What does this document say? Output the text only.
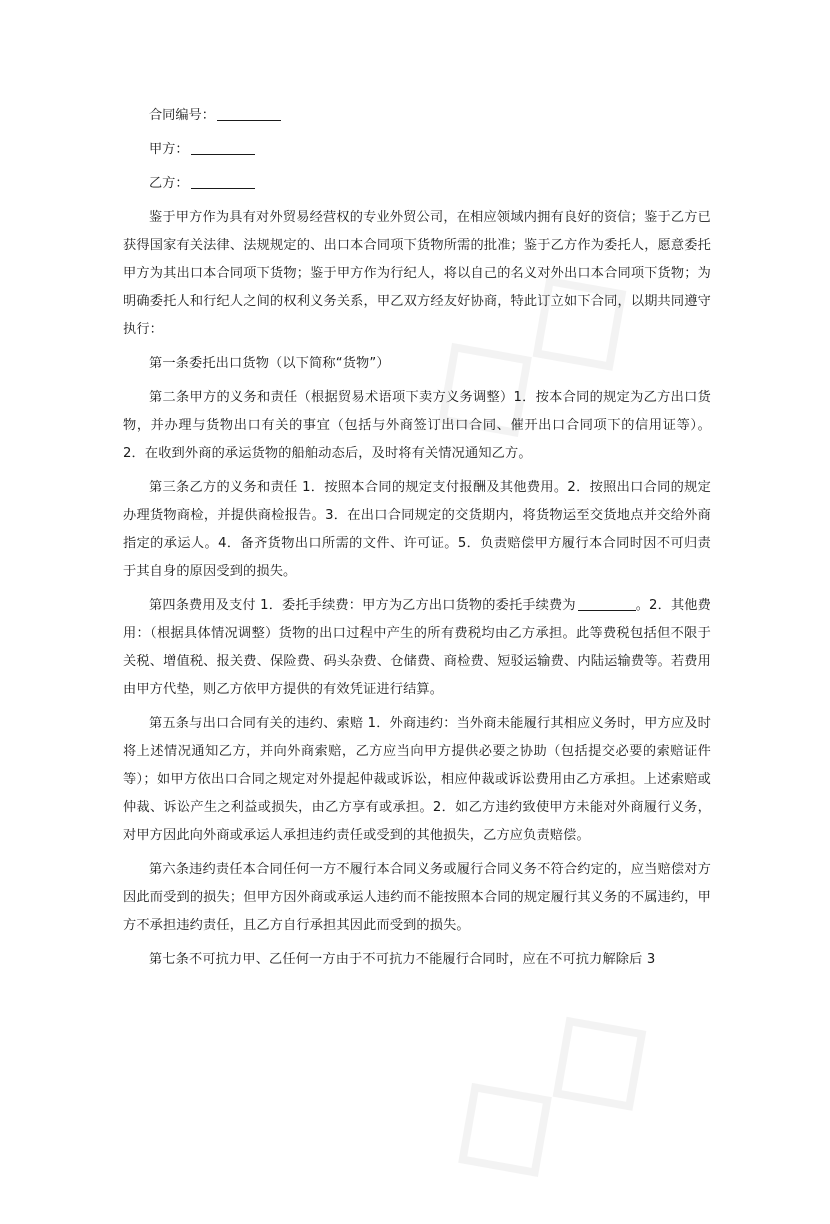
合同编号：

甲方：

乙方：

鉴于甲方作为具有对外贸易经营权的专业外贸公司，在相应领域内拥有良好的资信；鉴于乙方已获得国家有关法律、法规规定的、出口本合同项下货物所需的批准；鉴于乙方作为委托人，愿意委托甲方为其出口本合同项下货物；鉴于甲方作为行纪人，将以自己的名义对外出口本合同项下货物；为明确委托人和行纪人之间的权利义务关系，甲乙双方经友好协商，特此订立如下合同，以期共同遵守执行：

第一条委托出口货物（以下简称“货物”）

第二条甲方的义务和责任（根据贸易术语项下卖方义务调整）1．按本合同的规定为乙方出口货物，并办理与货物出口有关的事宜（包括与外商签订出口合同、催开出口合同项下的信用证等）。2．在收到外商的承运货物的船舶动态后，及时将有关情况通知乙方。

第三条乙方的义务和责任 1．按照本合同的规定支付报酬及其他费用。2．按照出口合同的规定办理货物商检，并提供商检报告。3．在出口合同规定的交货期内，将货物运至交货地点并交给外商指定的承运人。4．备齐货物出口所需的文件、许可证。5．负责赔偿甲方履行本合同时因不可归责于其自身的原因受到的损失。

第四条费用及支付 1．委托手续费：甲方为乙方出口货物的委托手续费为	。2．其他费用：（根据具体情况调整）货物的出口过程中产生的所有费税均由乙方承担。此等费税包括但不限于关税、增值税、报关费、保险费、码头杂费、仓储费、商检费、短驳运输费、内陆运输费等。若费用由甲方代垫，则乙方依甲方提供的有效凭证进行结算。

第五条与出口合同有关的违约、索赔 1．外商违约：当外商未能履行其相应义务时，甲方应及时将上述情况通知乙方，并向外商索赔，乙方应当向甲方提供必要之协助（包括提交必要的索赔证件等）；如甲方依出口合同之规定对外提起仲裁或诉讼，相应仲裁或诉讼费用由乙方承担。上述索赔或仲裁、诉讼产生之利益或损失，由乙方享有或承担。2．如乙方违约致使甲方未能对外商履行义务，对甲方因此向外商或承运人承担违约责任或受到的其他损失，乙方应负责赔偿。

第六条违约责任本合同任何一方不履行本合同义务或履行合同义务不符合约定的，应当赔偿对方因此而受到的损失；但甲方因外商或承运人违约而不能按照本合同的规定履行其义务的不属违约，甲方不承担违约责任，且乙方自行承担其因此而受到的损失。

第七条不可抗力甲、乙任何一方由于不可抗力不能履行合同时，应在不可抗力解除后 3
